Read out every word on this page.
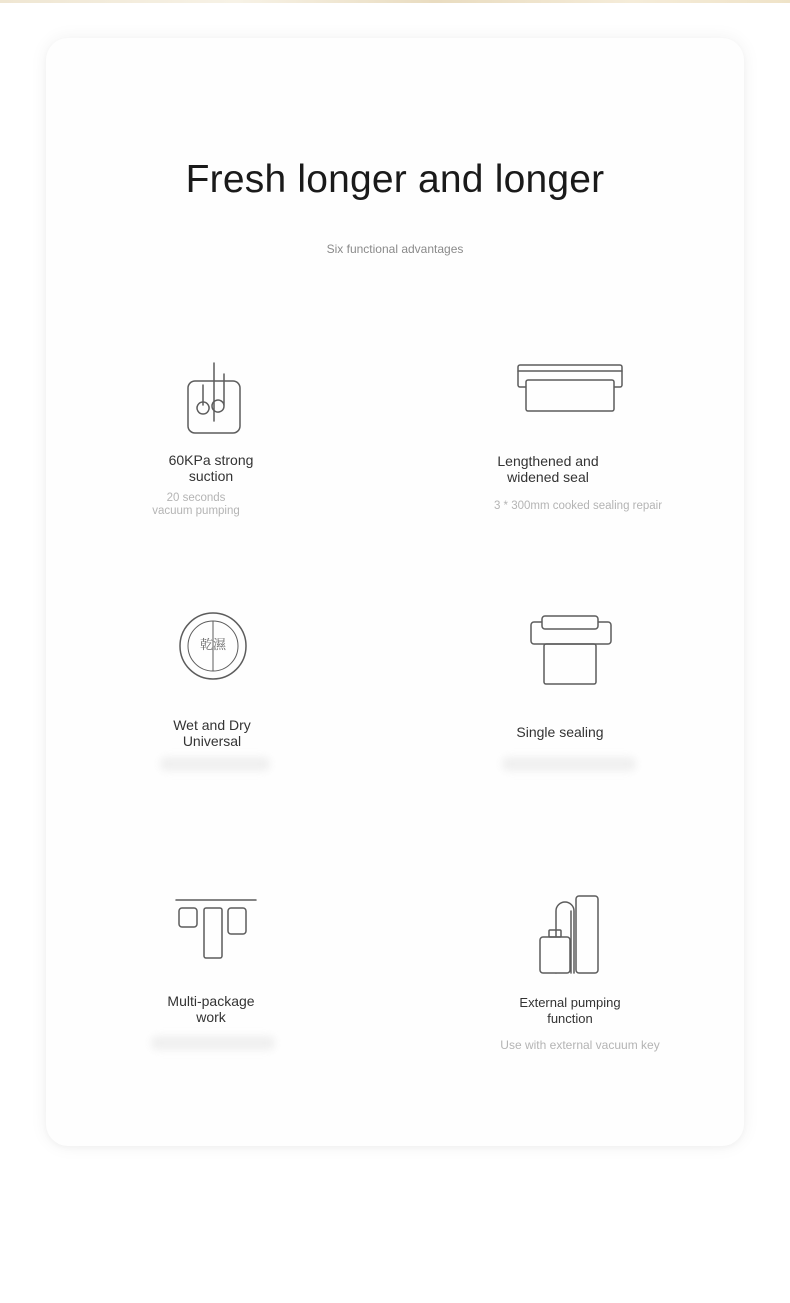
Fresh longer and longer
Six functional advantages
60KPa strong
suction
20 seconds
vacuum pumping
Lengthened and
widened seal
3 * 300mm cooked sealing repair
乾濕
Wet and Dry
Universal
Single sealing
Multi-package
work
External pumping
function
Use with external vacuum key
